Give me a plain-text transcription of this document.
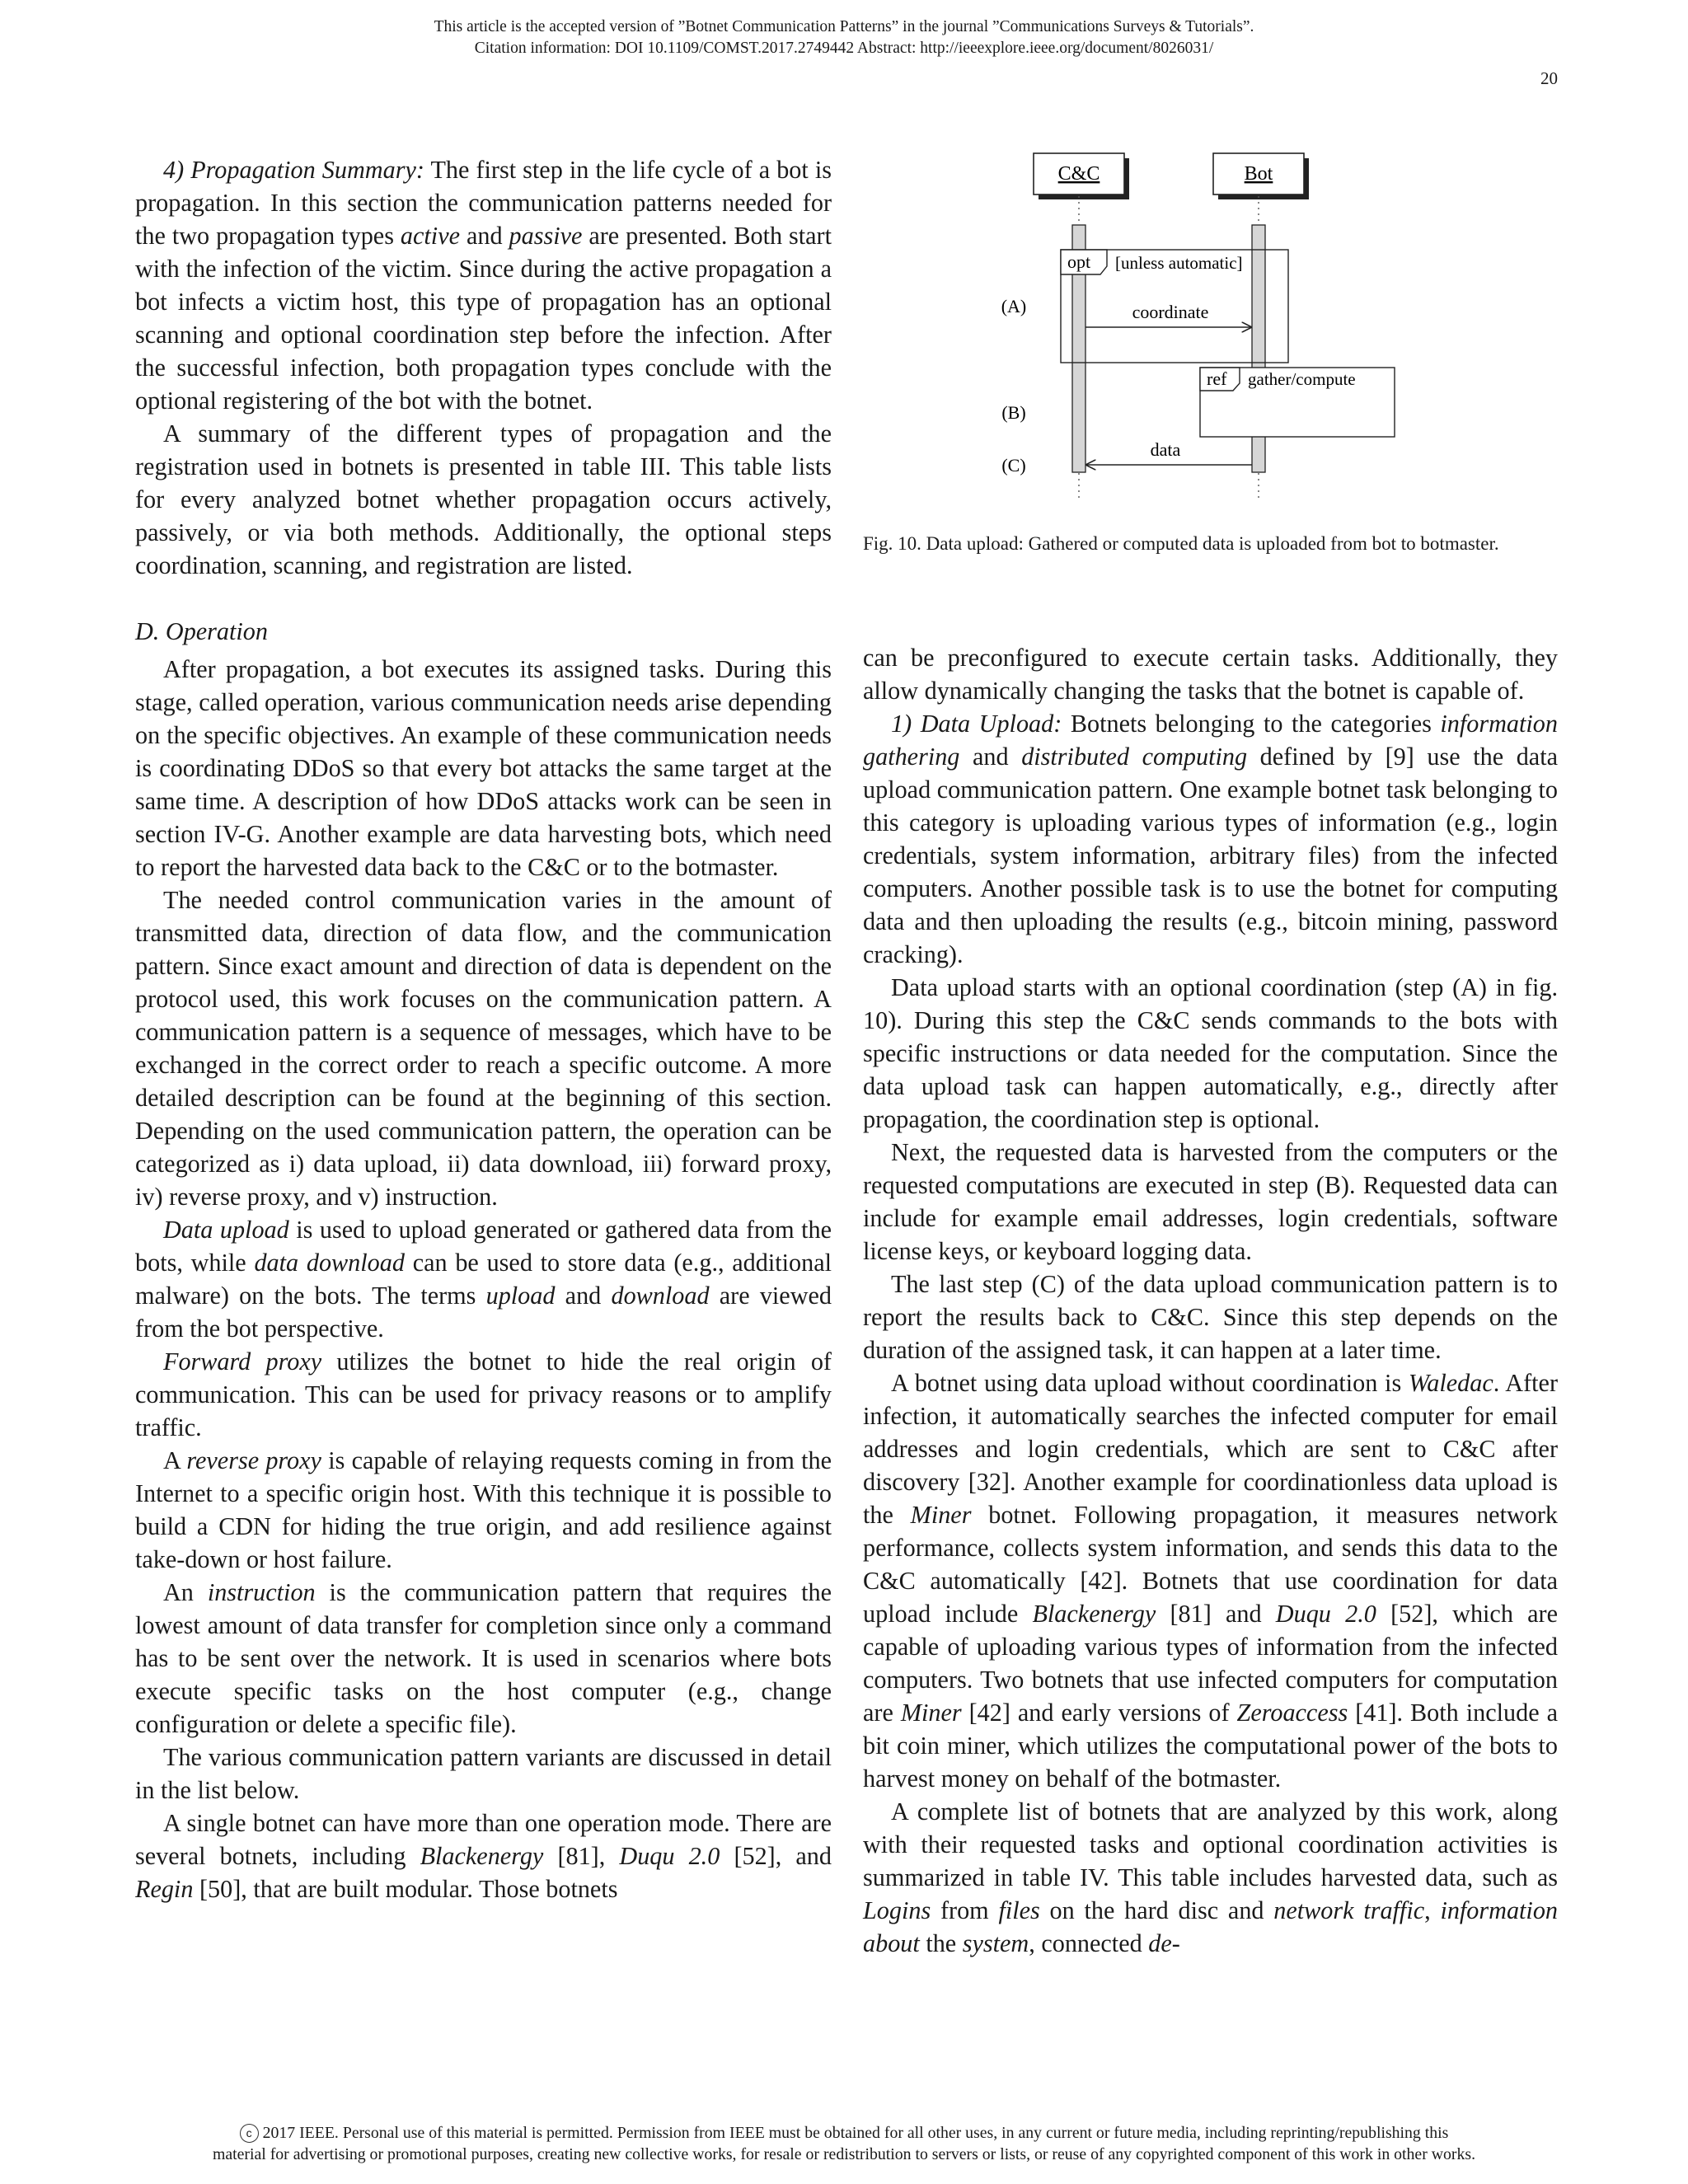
This article is the accepted version of ”Botnet Communication Patterns” in the journal ”Communications Surveys & Tutorials”.
Citation information: DOI 10.1109/COMST.2017.2749442 Abstract: http://ieeexplore.ieee.org/document/8026031/
20

4) Propagation Summary: The first step in the life cycle of a bot is propagation. In this section the communication patterns needed for the two propagation types active and passive are presented. Both start with the infection of the victim. Since during the active propagation a bot infects a victim host, this type of propagation has an optional scanning and optional coordination step before the infection. After the successful infection, both propagation types conclude with the optional registering of the bot with the botnet.

A summary of the different types of propagation and the registration used in botnets is presented in table III. This table lists for every analyzed botnet whether propagation occurs actively, passively, or via both methods. Additionally, the optional steps coordination, scanning, and registration are listed.

D. Operation

After propagation, a bot executes its assigned tasks. During this stage, called operation, various communication needs arise depending on the specific objectives. An example of these communication needs is coordinating DDoS so that every bot attacks the same target at the same time. A description of how DDoS attacks work can be seen in section IV-G. Another example are data harvesting bots, which need to report the harvested data back to the C&C or to the botmaster.

The needed control communication varies in the amount of transmitted data, direction of data flow, and the communication pattern. Since exact amount and direction of data is dependent on the protocol used, this work focuses on the communication pattern. A communication pattern is a sequence of messages, which have to be exchanged in the correct order to reach a specific outcome. A more detailed description can be found at the beginning of this section. Depending on the used communication pattern, the operation can be categorized as i) data upload, ii) data download, iii) forward proxy, iv) reverse proxy, and v) instruction.

Data upload is used to upload generated or gathered data from the bots, while data download can be used to store data (e.g., additional malware) on the bots. The terms upload and download are viewed from the bot perspective.

Forward proxy utilizes the botnet to hide the real origin of communication. This can be used for privacy reasons or to amplify traffic.

A reverse proxy is capable of relaying requests coming in from the Internet to a specific origin host. With this technique it is possible to build a CDN for hiding the true origin, and add resilience against take-down or host failure.

An instruction is the communication pattern that requires the lowest amount of data transfer for completion since only a command has to be sent over the network. It is used in scenarios where bots execute specific tasks on the host computer (e.g., change configuration or delete a specific file).

The various communication pattern variants are discussed in detail in the list below.

A single botnet can have more than one operation mode. There are several botnets, including Blackenergy [81], Duqu 2.0 [52], and Regin [50], that are built modular. Those botnets

C&C	Bot
opt [unless automatic]
coordinate
ref gather/compute
data
(A)
(B)
(C)
Fig. 10. Data upload: Gathered or computed data is uploaded from bot to botmaster.

can be preconfigured to execute certain tasks. Additionally, they allow dynamically changing the tasks that the botnet is capable of.

1) Data Upload: Botnets belonging to the categories information gathering and distributed computing defined by [9] use the data upload communication pattern. One example botnet task belonging to this category is uploading various types of information (e.g., login credentials, system information, arbitrary files) from the infected computers. Another possible task is to use the botnet for computing data and then uploading the results (e.g., bitcoin mining, password cracking).

Data upload starts with an optional coordination (step (A) in fig. 10). During this step the C&C sends commands to the bots with specific instructions or data needed for the computation. Since the data upload task can happen automatically, e.g., directly after propagation, the coordination step is optional.

Next, the requested data is harvested from the computers or the requested computations are executed in step (B). Requested data can include for example email addresses, login credentials, software license keys, or keyboard logging data.

The last step (C) of the data upload communication pattern is to report the results back to C&C. Since this step depends on the duration of the assigned task, it can happen at a later time.

A botnet using data upload without coordination is Waledac. After infection, it automatically searches the infected computer for email addresses and login credentials, which are sent to C&C after discovery [32]. Another example for coordinationless data upload is the Miner botnet. Following propagation, it measures network performance, collects system information, and sends this data to the C&C automatically [42]. Botnets that use coordination for data upload include Blackenergy [81] and Duqu 2.0 [52], which are capable of uploading various types of information from the infected computers. Two botnets that use infected computers for computation are Miner [42] and early versions of Zeroaccess [41]. Both include a bit coin miner, which utilizes the computational power of the bots to harvest money on behalf of the botmaster.

A complete list of botnets that are analyzed by this work, along with their requested tasks and optional coordination activities is summarized in table IV. This table includes harvested data, such as Logins from files on the hard disc and network traffic, information about the system, connected de-

c 2017 IEEE. Personal use of this material is permitted. Permission from IEEE must be obtained for all other uses, in any current or future media, including reprinting/republishing this
material for advertising or promotional purposes, creating new collective works, for resale or redistribution to servers or lists, or reuse of any copyrighted component of this work in other works.
